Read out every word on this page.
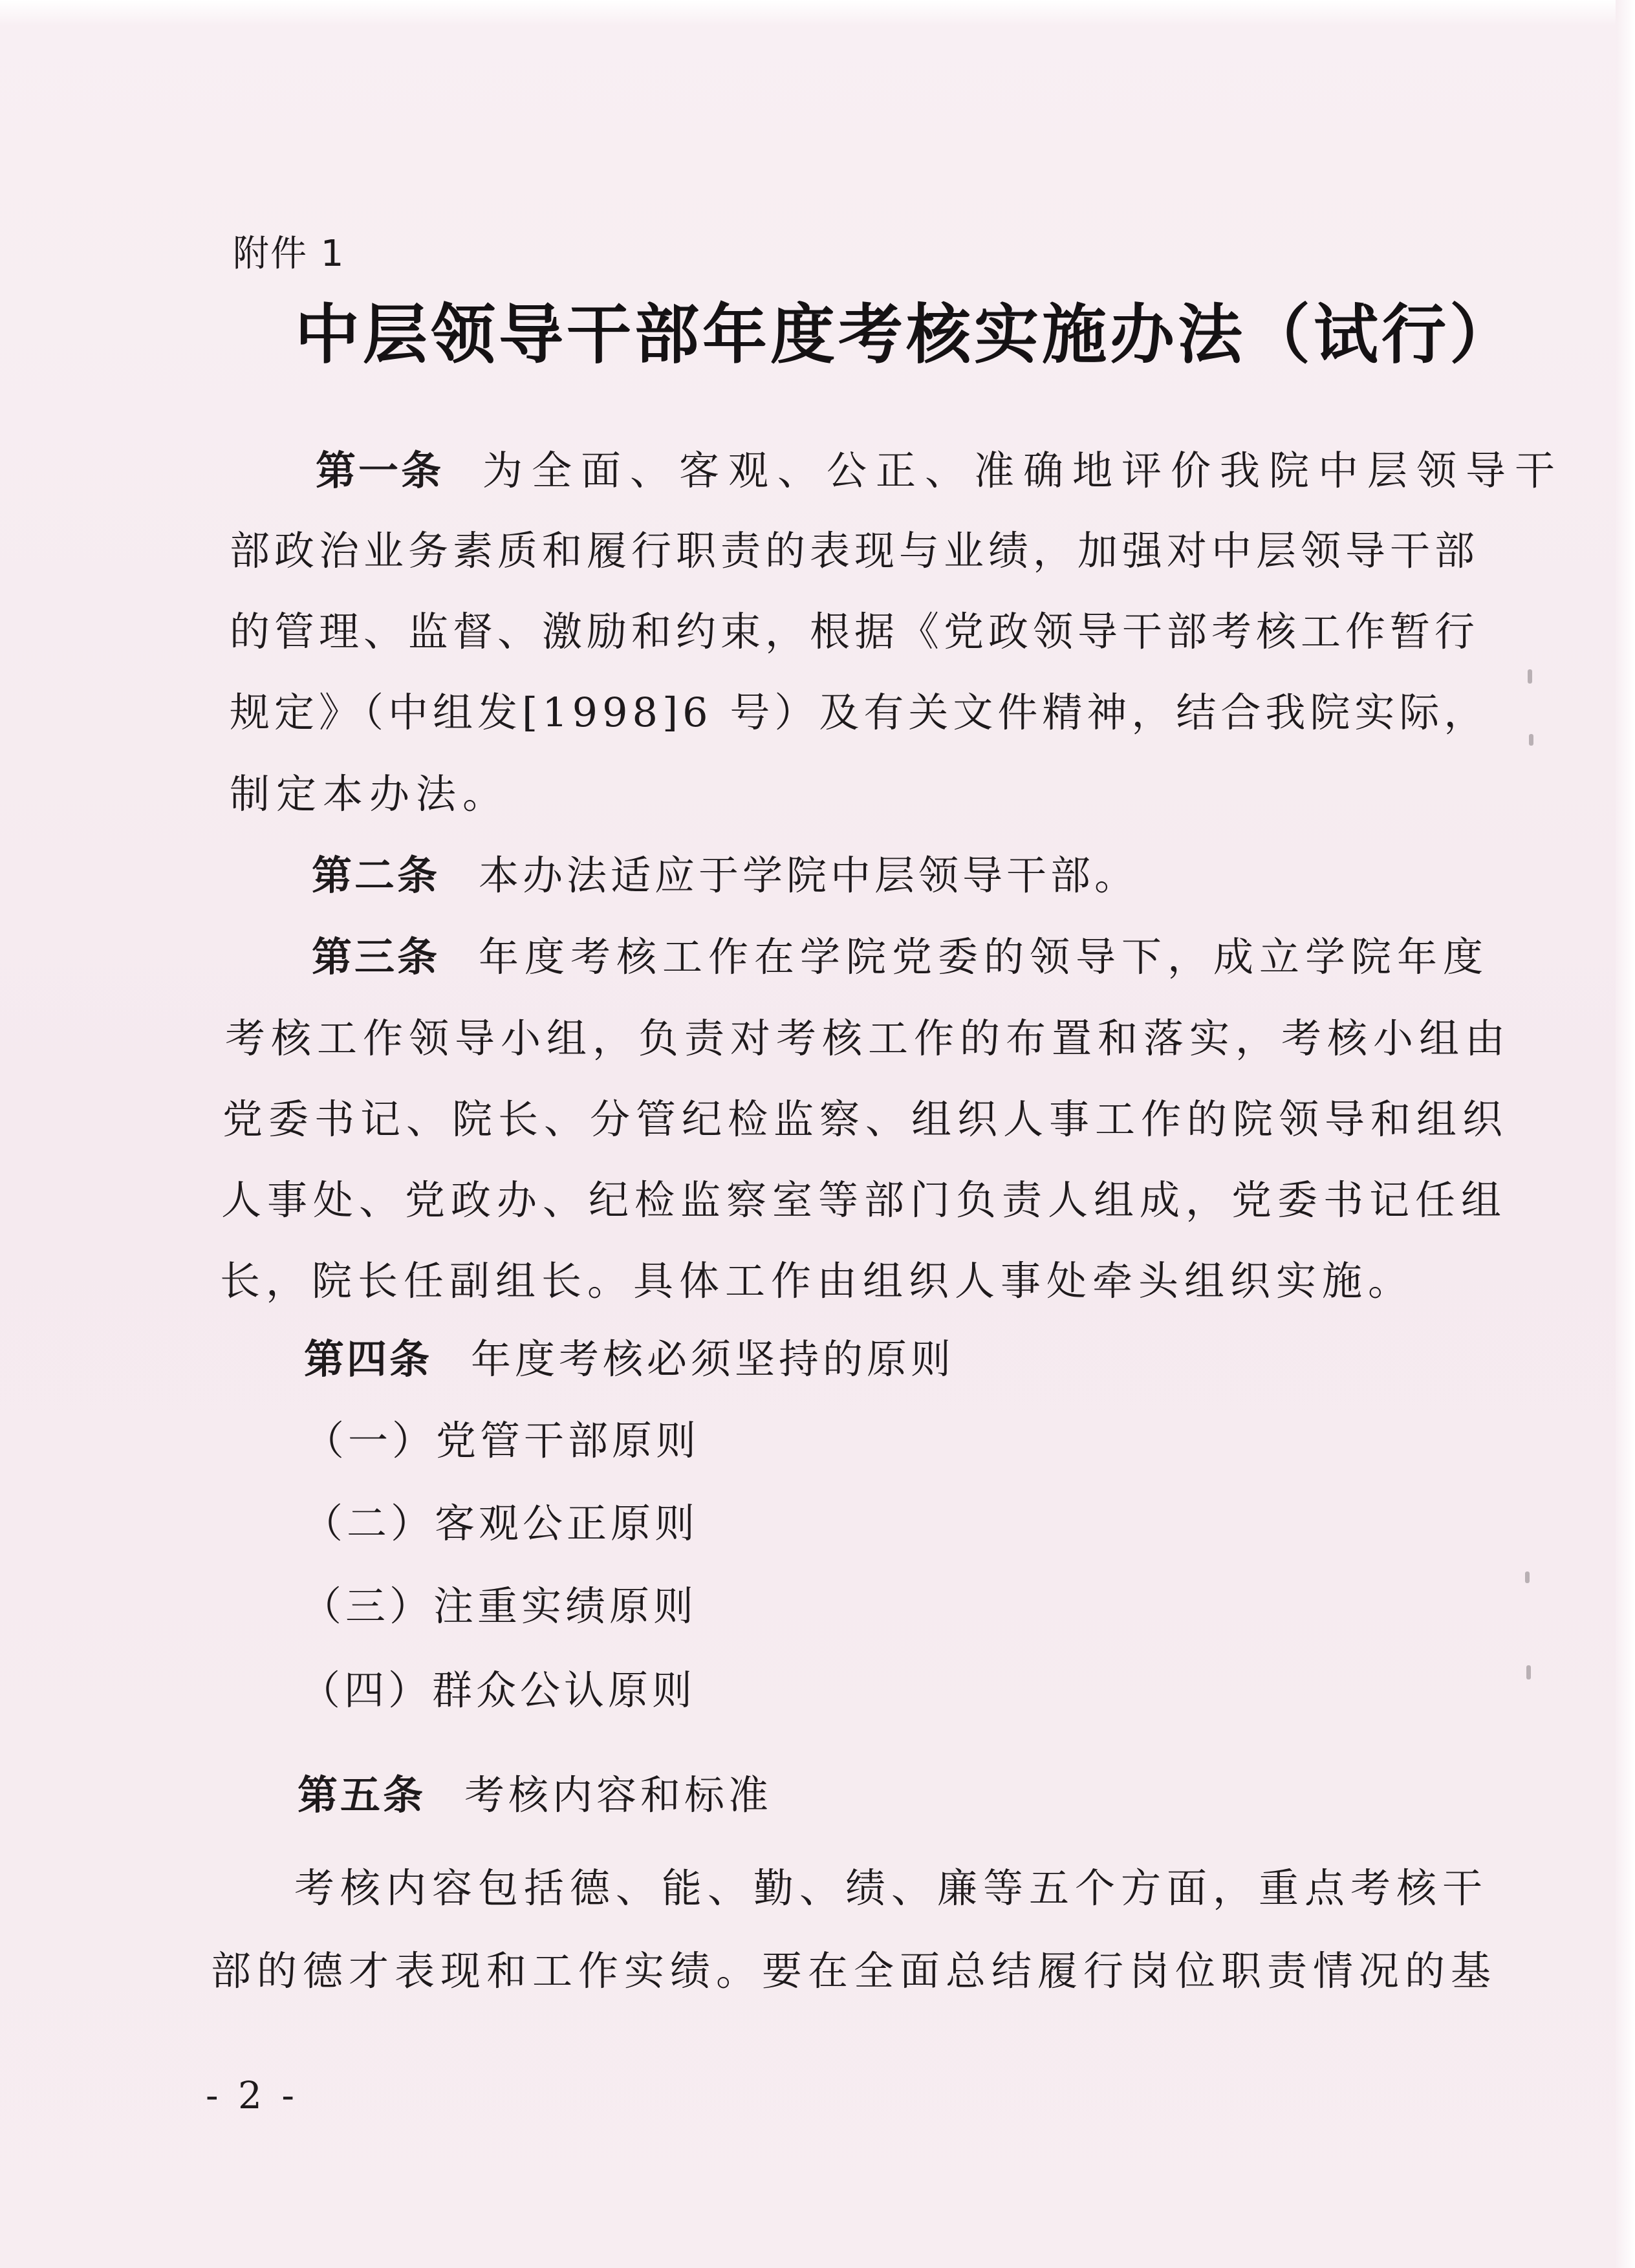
附件 1
中层领导干部年度考核实施办法（试行）
第一条 为全面、客观、公正、准确地评价我院中层领导干
部政治业务素质和履行职责的表现与业绩，加强对中层领导干部
的管理、监督、激励和约束，根据《党政领导干部考核工作暂行
规定》（中组发[1998]6 号）及有关文件精神，结合我院实际，
制定本办法。
第二条 本办法适应于学院中层领导干部。
第三条 年度考核工作在学院党委的领导下，成立学院年度
考核工作领导小组，负责对考核工作的布置和落实，考核小组由
党委书记、院长、分管纪检监察、组织人事工作的院领导和组织
人事处、党政办、纪检监察室等部门负责人组成，党委书记任组
长，院长任副组长。具体工作由组织人事处牵头组织实施。
第四条 年度考核必须坚持的原则
（一）党管干部原则
（二）客观公正原则
（三）注重实绩原则
（四）群众公认原则
第五条 考核内容和标准
考核内容包括德、能、勤、绩、廉等五个方面，重点考核干
部的德才表现和工作实绩。要在全面总结履行岗位职责情况的基
- 2 -
